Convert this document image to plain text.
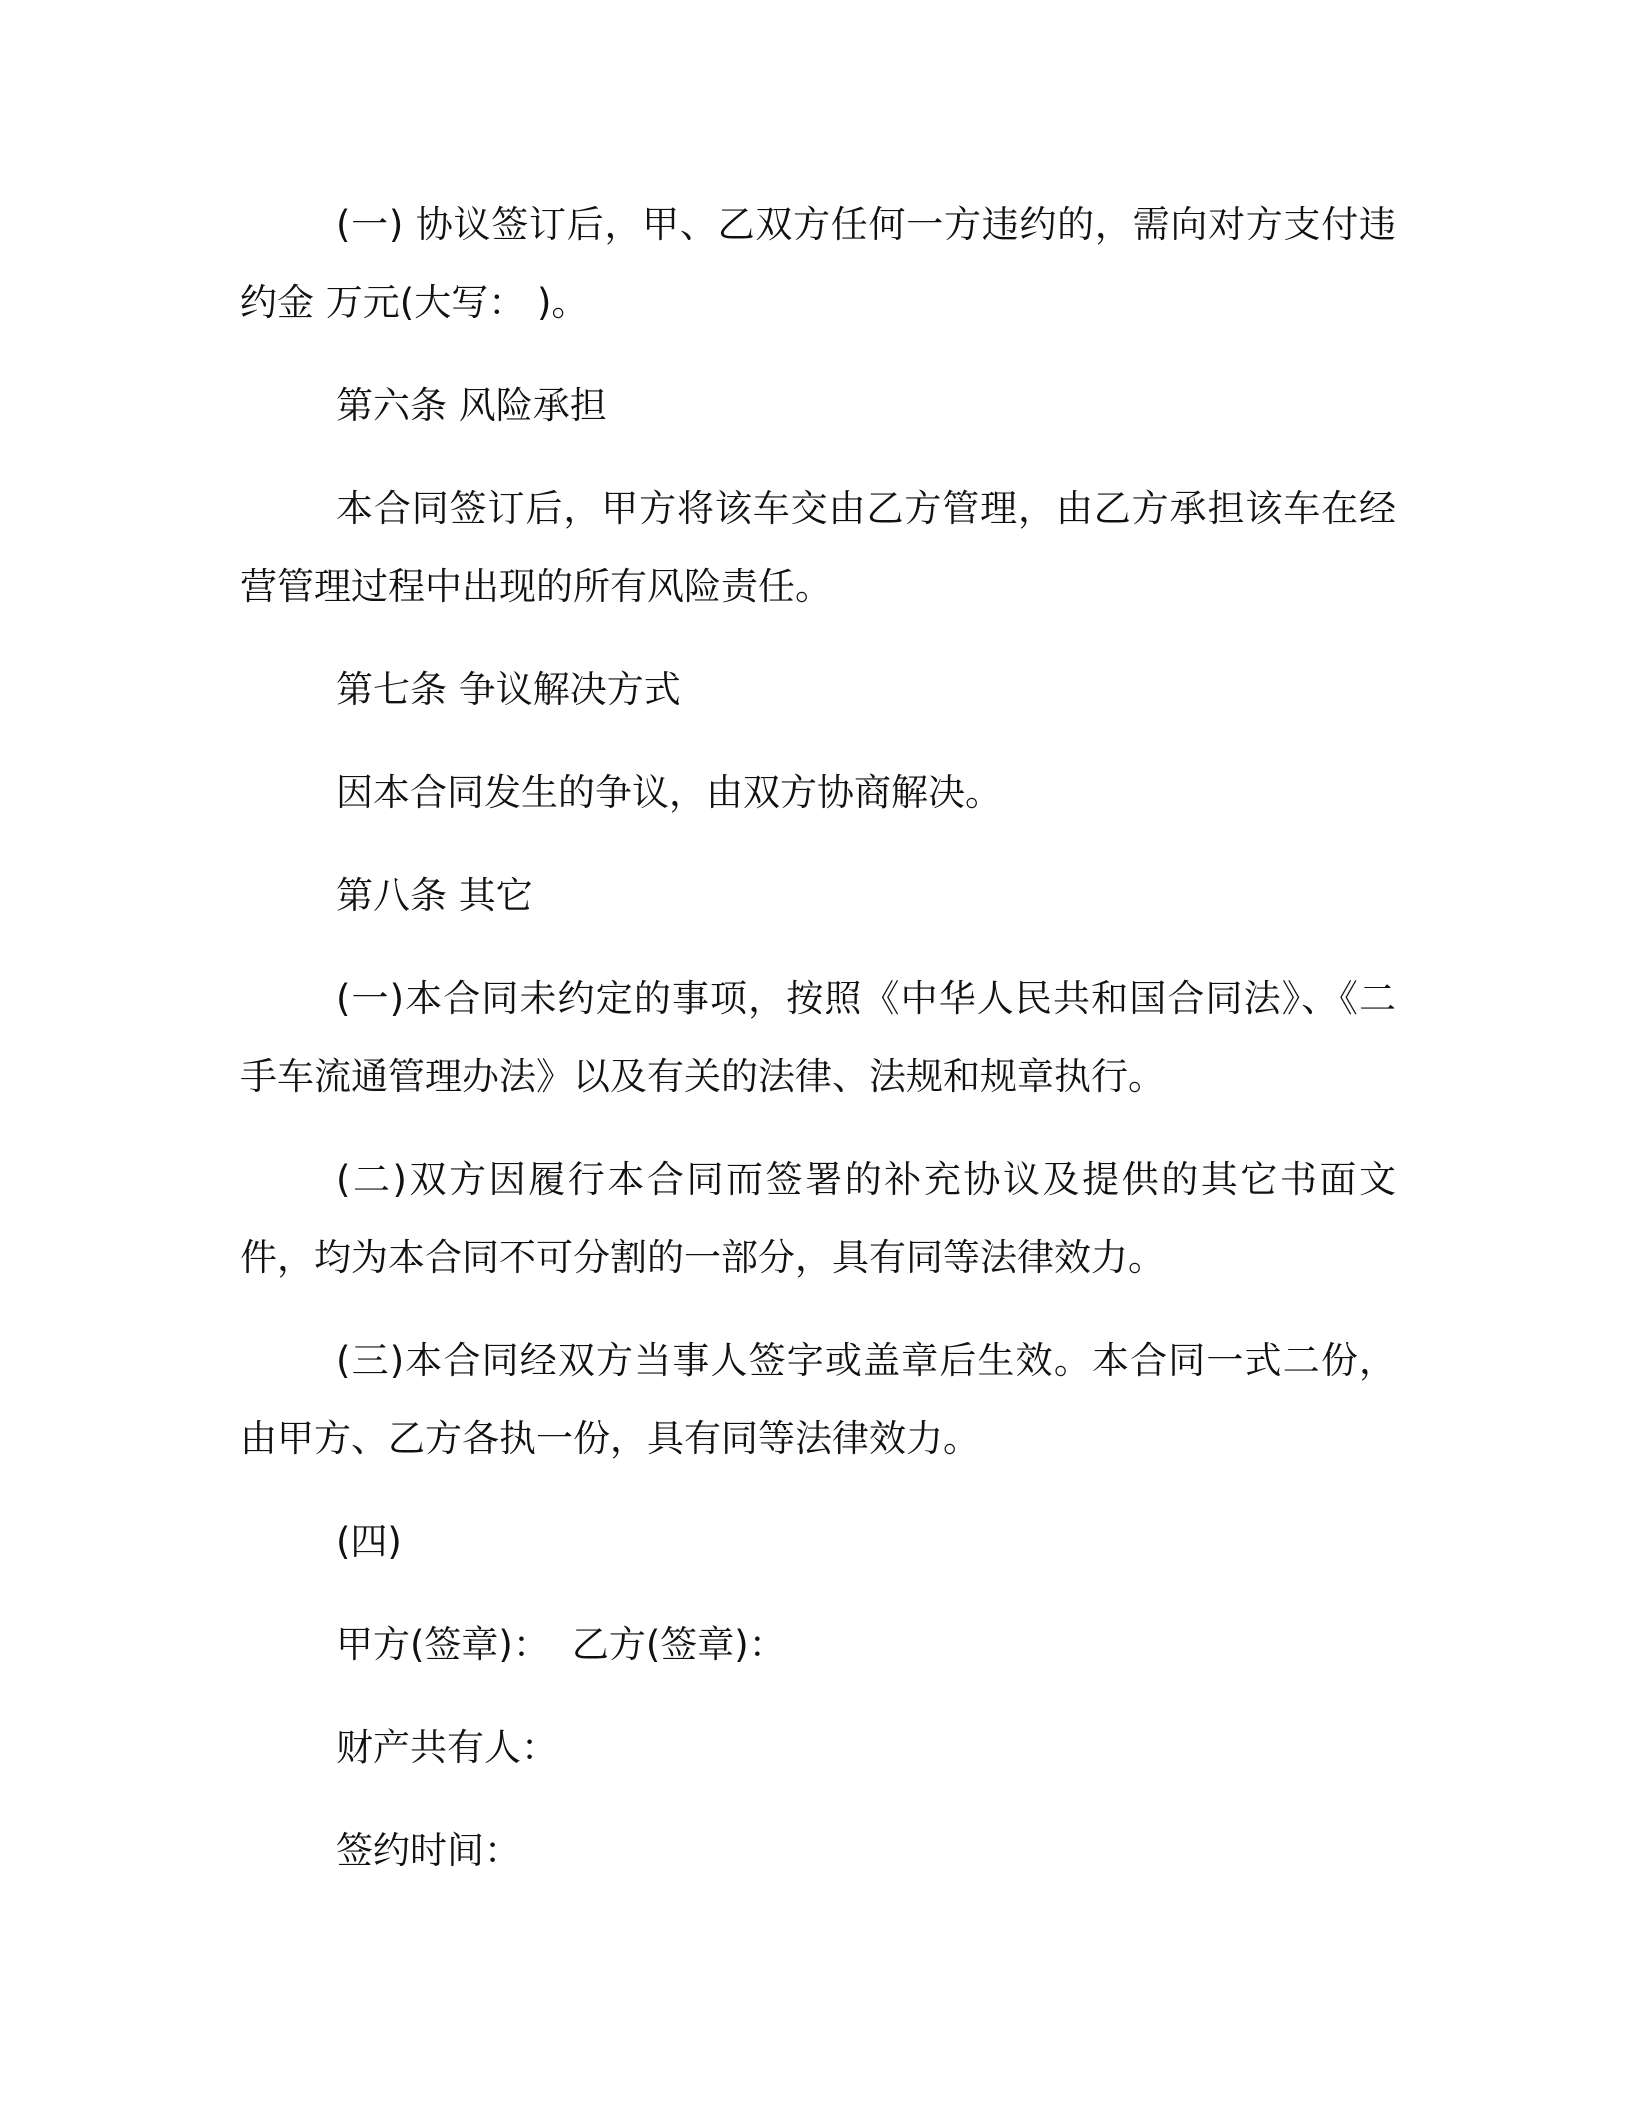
(一) 协议签订后，甲、乙双方任何一方违约的，需向对方支付违约金 万元(大写： )。

第六条 风险承担

本合同签订后，甲方将该车交由乙方管理，由乙方承担该车在经营管理过程中出现的所有风险责任。

第七条 争议解决方式

因本合同发生的争议，由双方协商解决。

第八条 其它

(一)本合同未约定的事项，按照《中华人民共和国合同法》、《二手车流通管理办法》以及有关的法律、法规和规章执行。

(二)双方因履行本合同而签署的补充协议及提供的其它书面文件，均为本合同不可分割的一部分，具有同等法律效力。

(三)本合同经双方当事人签字或盖章后生效。本合同一式二份，由甲方、乙方各执一份，具有同等法律效力。

(四)

甲方(签章)： 乙方(签章)：

财产共有人：

签约时间：
